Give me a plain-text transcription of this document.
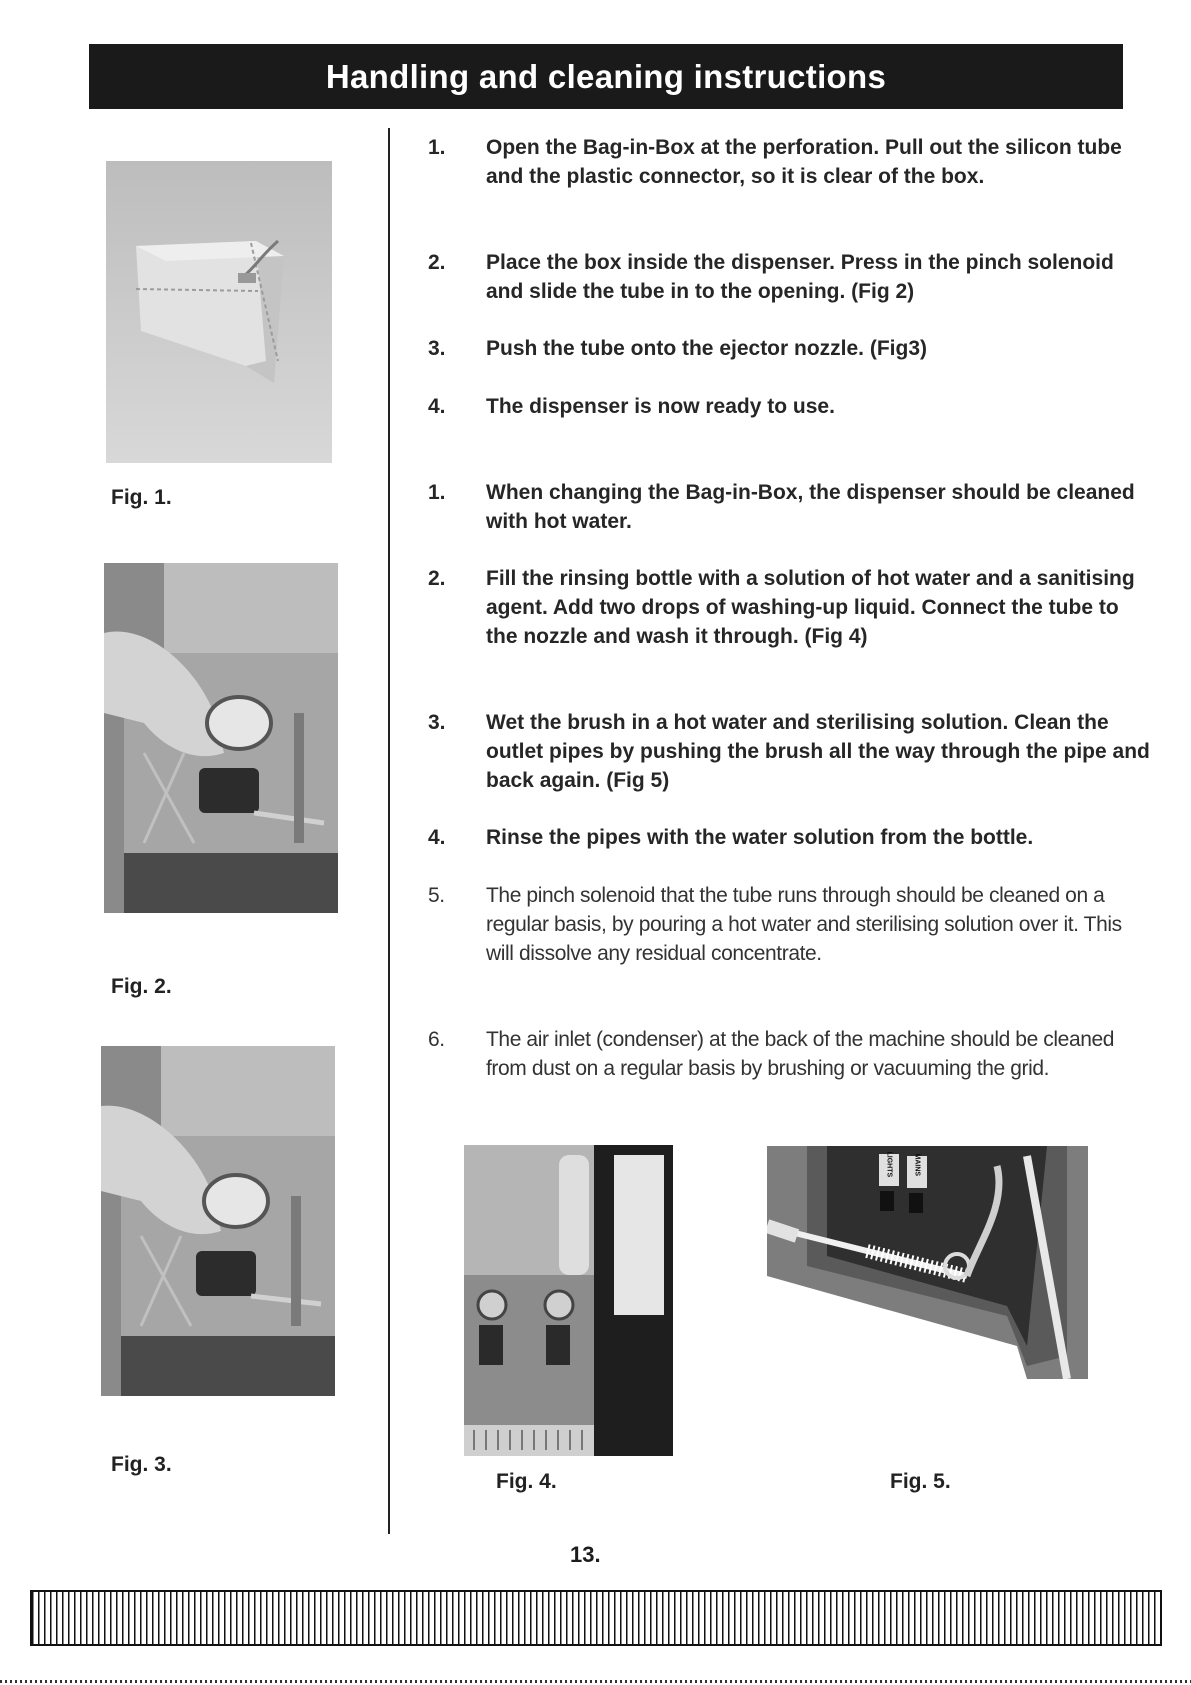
Handling and cleaning instructions
Fig. 1.
Fig. 2.
Fig. 3.
1.	Open the Bag-in-Box at the perforation. Pull out the silicon tube and the plastic connector, so it is clear of the box.
2.	Place the box inside the dispenser. Press in the pinch solenoid and slide the tube in to the opening. (Fig 2)
3.	Push the tube onto the ejector nozzle. (Fig3)
4.	The dispenser is now ready to use.
1.	When changing the Bag-in-Box, the dispenser should be cleaned with hot water.
2.	Fill the rinsing bottle with a solution of hot water and a sanitising agent. Add two drops of washing-up liquid. Connect the tube to the nozzle and wash it through. (Fig 4)
3.	Wet the brush in a hot water and sterilising solution. Clean the outlet pipes by pushing the brush all the way through the pipe and back again. (Fig 5)
4.	Rinse the pipes with the water solution from the bottle.
5.	The pinch solenoid that the tube runs through should be cleaned on a regular basis, by pouring a hot water and sterilising solution over it. This will dissolve any residual concentrate.
6.	The air inlet (condenser) at the back of the machine should be cleaned from dust on a regular basis by brushing or vacuuming the grid.
Fig. 4.
LIGHTS	MAINS
Fig. 5.
13.
